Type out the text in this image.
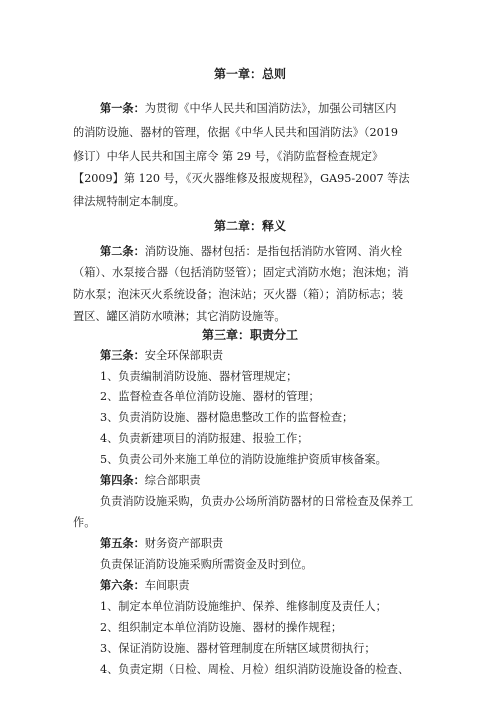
第一章：总则
第一条：为贯彻《中华人民共和国消防法》，加强公司辖区内
的消防设施、器材的管理，依据《中华人民共和国消防法》（2019
修订）中华人民共和国主席令 第 29 号，《消防监督检查规定》
【2009】第 120 号，《灭火器维修及报废规程》，GA95-2007 等法
律法规特制定本制度。
第二章：释义
第二条：消防设施、器材包括：是指包括消防水管网、消火栓
（箱）、水泵接合器（包括消防竖管）；固定式消防水炮；泡沫炮；消
防水泵；泡沫灭火系统设备；泡沫站；灭火器（箱）；消防标志；装
置区、罐区消防水喷淋；其它消防设施等。
第三章：职责分工
第三条：安全环保部职责
1、负责编制消防设施、器材管理规定；
2、监督检查各单位消防设施、器材的管理；
3、负责消防设施、器材隐患整改工作的监督检查；
4、负责新建项目的消防报建、报验工作；
5、负责公司外来施工单位的消防设施维护资质审核备案。
第四条：综合部职责
负责消防设施采购，负责办公场所消防器材的日常检查及保养工
作。
第五条：财务资产部职责
负责保证消防设施采购所需资金及时到位。
第六条：车间职责
1、制定本单位消防设施维护、保养、维修制度及责任人；
2、组织制定本单位消防设施、器材的操作规程；
3、保证消防设施、器材管理制度在所辖区域贯彻执行；
4、负责定期（日检、周检、月检）组织消防设施设备的检查、
